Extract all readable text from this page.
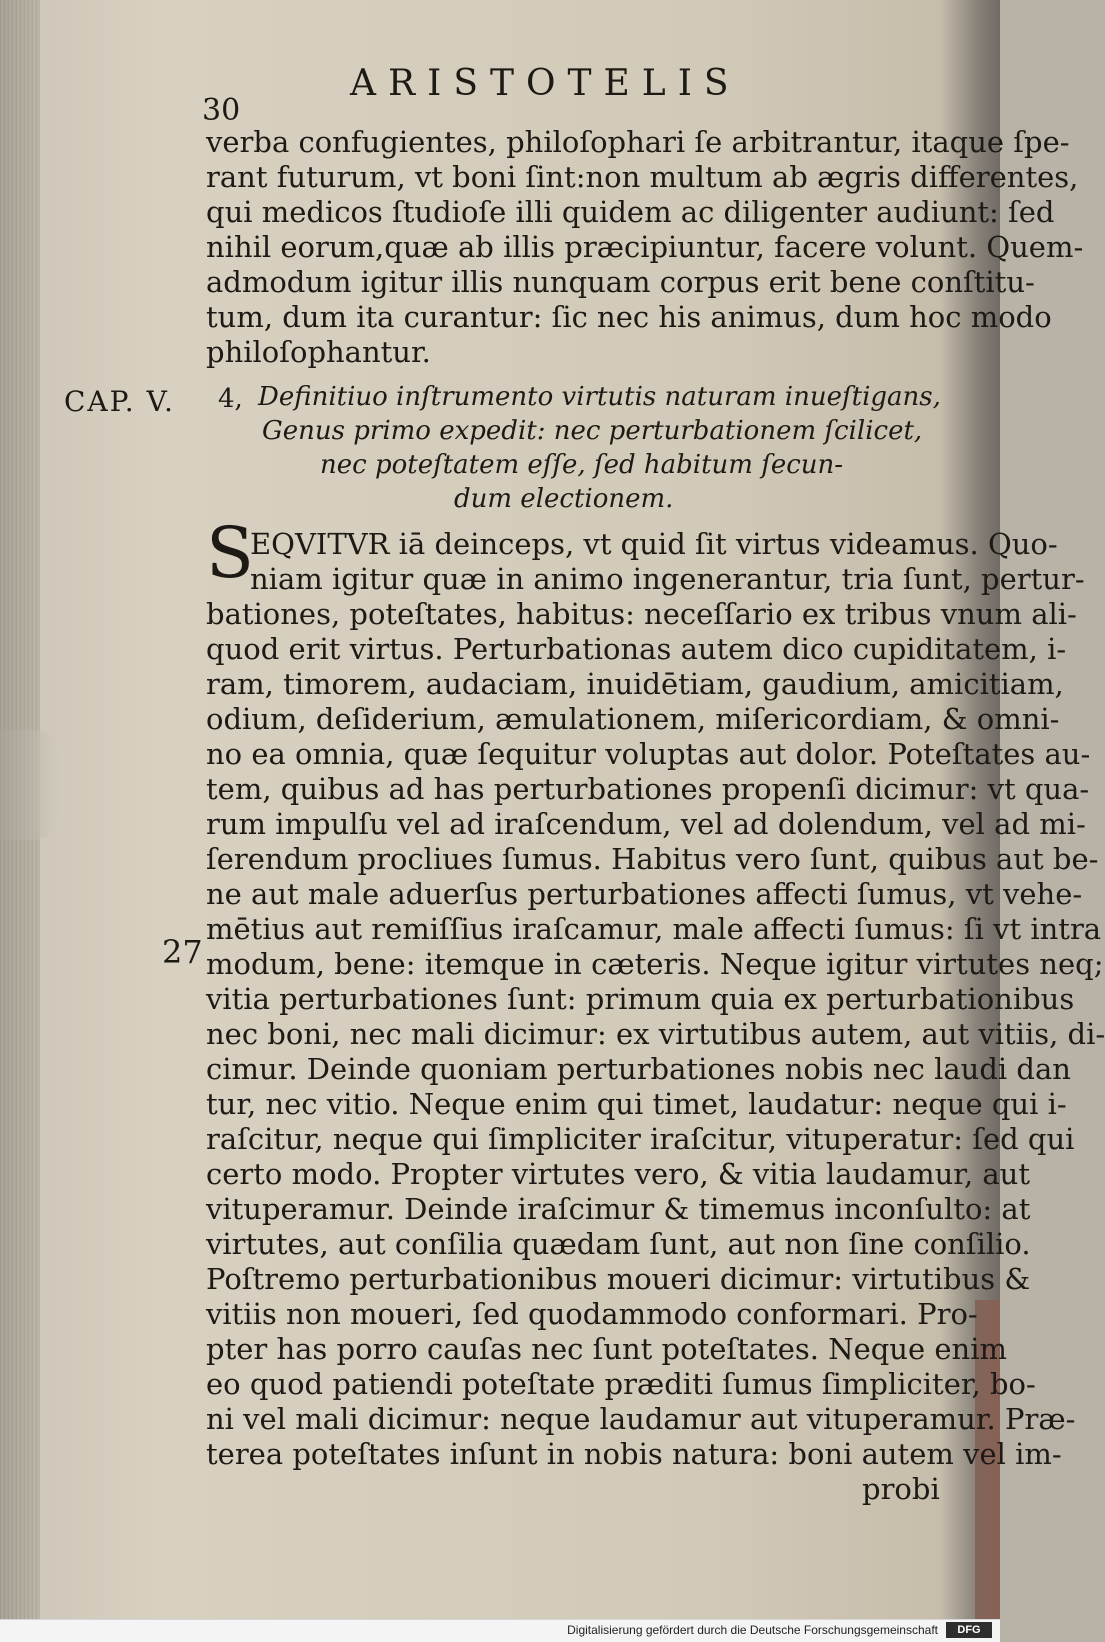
30
ARISTOTELIS
verba confugientes, philoſophari ſe arbitrantur, itaque ſpe-
rant futurum, vt boni ſint:non multum ab ægris differentes,
qui medicos ſtudioſe illi quidem ac diligenter audiunt: ſed
nihil eorum,quæ ab illis præcipiuntur, facere volunt. Quem-
admodum igitur illis nunquam corpus erit bene conſtitu-
tum, dum ita curantur: ſic nec his animus, dum hoc modo
philoſophantur.
CAP. V. 4, Definitiuo inſtrumento virtutis naturam inueſtigans,
Genus primo expedit: nec perturbationem ſcilicet,
nec poteſtatem eſſe, ſed habitum ſecun-
dum electionem.
S
EQVITVR iā deinceps, vt quid ſit virtus videamus. Quo-
niam igitur quæ in animo ingenerantur, tria ſunt, pertur-
bationes, poteſtates, habitus: neceſſario ex tribus vnum ali-
quod erit virtus. Perturbationas autem dico cupiditatem, i-
ram, timorem, audaciam, inuidētiam, gaudium, amicitiam,
odium, deſiderium, æmulationem, miſericordiam, & omni-
no ea omnia, quæ ſequitur voluptas aut dolor. Poteſtates au-
tem, quibus ad has perturbationes propenſi dicimur: vt qua-
rum impulſu vel ad iraſcendum, vel ad dolendum, vel ad mi-
ſerendum procliues ſumus. Habitus vero ſunt, quibus aut be-
ne aut male aduerſus perturbationes affecti ſumus, vt vehe-
mētius aut remiſſius iraſcamur, male affecti ſumus: ſi vt intra
modum, bene: itemque in cæteris. Neque igitur virtutes neq;
vitia perturbationes ſunt: primum quia ex perturbationibus
nec boni, nec mali dicimur: ex virtutibus autem, aut vitiis, di-
cimur. Deinde quoniam perturbationes nobis nec laudi dan
tur, nec vitio. Neque enim qui timet, laudatur: neque qui i-
raſcitur, neque qui ſimpliciter iraſcitur, vituperatur: ſed qui
certo modo. Propter virtutes vero, & vitia laudamur, aut
vituperamur. Deinde iraſcimur & timemus inconſulto: at
virtutes, aut conſilia quædam ſunt, aut non ſine conſilio.
Poſtremo perturbationibus moueri dicimur: virtutibus &
vitiis non moueri, ſed quodammodo conformari. Pro-
pter has porro cauſas nec ſunt poteſtates. Neque enim
eo quod patiendi poteſtate præditi ſumus ſimpliciter, bo-
ni vel mali dicimur: neque laudamur aut vituperamur. Præ-
terea poteſtates inſunt in nobis natura: boni autem vel im-
probi
27
Digitalisierung gefördert durch die Deutsche Forschungsgemeinschaft	DFG
